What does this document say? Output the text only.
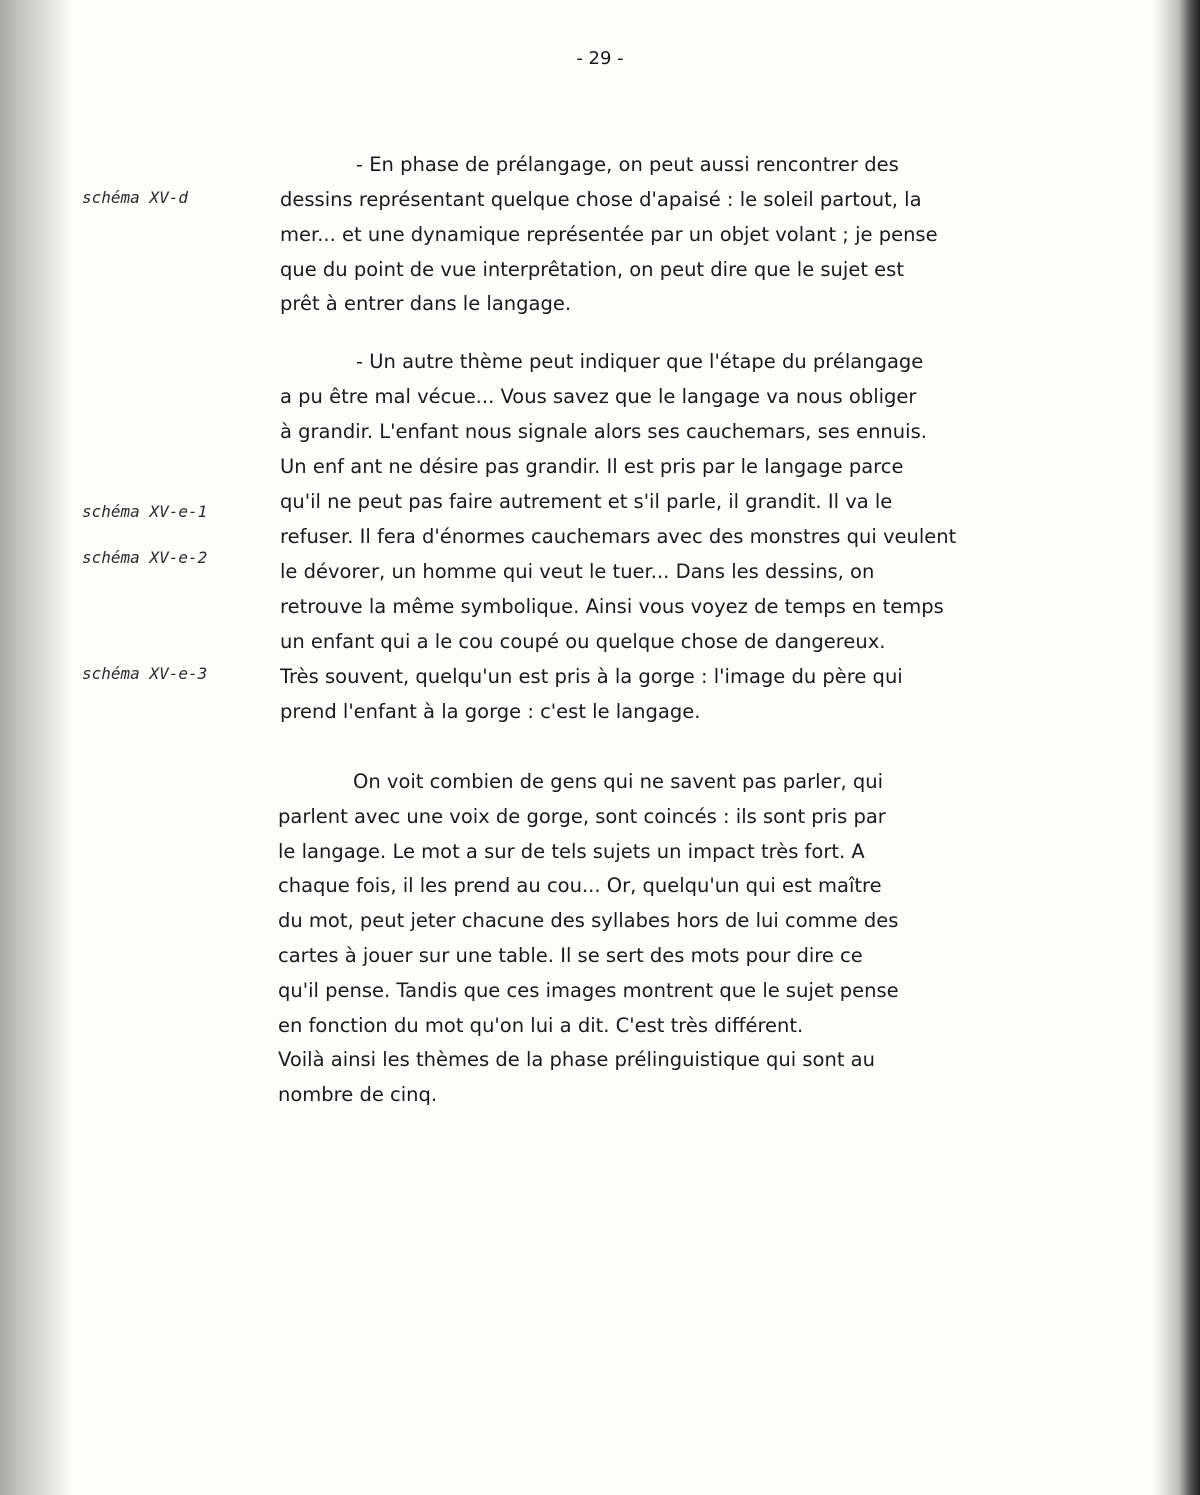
- 29 -
schéma XV-d
schéma XV-e-1
schéma XV-e-2
schéma XV-e-3
- En phase de prélangage, on peut aussi rencontrer des
dessins représentant quelque chose d'apaisé : le soleil partout, la
mer... et une dynamique représentée par un objet volant ; je pense
que du point de vue interprêtation, on peut dire que le sujet est
prêt à entrer dans le langage.
- Un autre thème peut indiquer que l'étape du prélangage
a pu être mal vécue... Vous savez que le langage va nous obliger
à grandir. L'enfant nous signale alors ses cauchemars, ses ennuis.
Un enf ant ne désire pas grandir. Il est pris par le langage parce
qu'il ne peut pas faire autrement et s'il parle, il grandit. Il va le
refuser. Il fera d'énormes cauchemars avec des monstres qui veulent
le dévorer, un homme qui veut le tuer... Dans les dessins, on
retrouve la même symbolique. Ainsi vous voyez de temps en temps
un enfant qui a le cou coupé ou quelque chose de dangereux.
Très souvent, quelqu'un est pris à la gorge : l'image du père qui
prend l'enfant à la gorge : c'est le langage.
On voit combien de gens qui ne savent pas parler, qui
parlent avec une voix de gorge, sont coincés : ils sont pris par
le langage. Le mot a sur de tels sujets un impact très fort. A
chaque fois, il les prend au cou... Or, quelqu'un qui est maître
du mot, peut jeter chacune des syllabes hors de lui comme des
cartes à jouer sur une table. Il se sert des mots pour dire ce
qu'il pense. Tandis que ces images montrent que le sujet pense
en fonction du mot qu'on lui a dit. C'est très différent.
Voilà ainsi les thèmes de la phase prélinguistique qui sont au
nombre de cinq.
